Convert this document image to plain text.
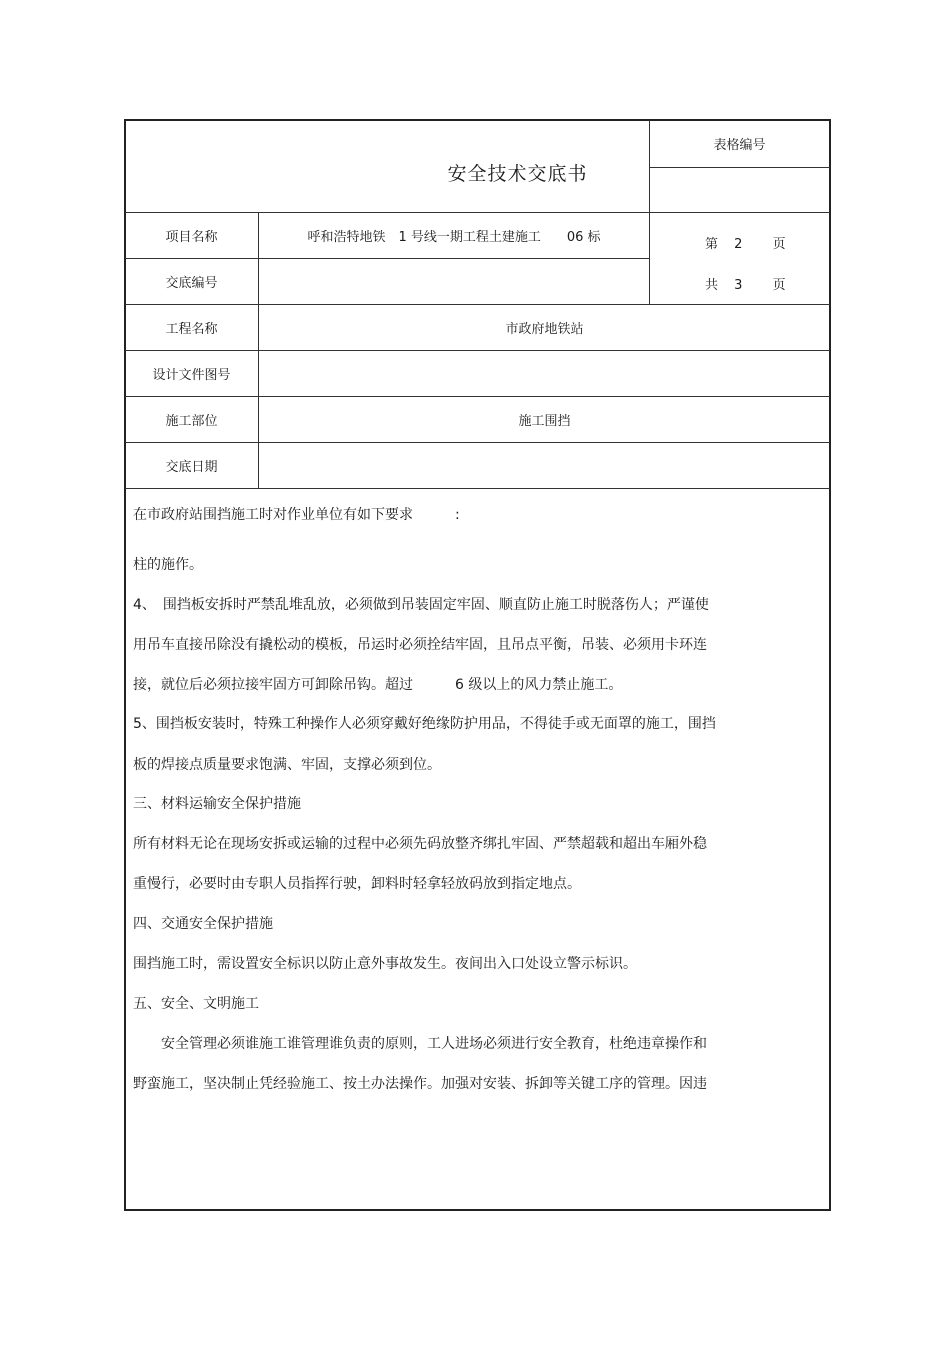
安全技术交底书
表格编号
项目名称	呼和浩特地铁　1 号线一期工程土建施工　　06 标
交底编号
第 2 页
共 3 页
工程名称	市政府地铁站
设计文件图号
施工部位	施工围挡
交底日期
在市政府站围挡施工时对作业单位有如下要求　　　:
柱的施作。
4、　围挡板安拆时严禁乱堆乱放，必须做到吊装固定牢固、顺直防止施工时脱落伤人；严谨使
用吊车直接吊除没有撬松动的模板，吊运时必须拴结牢固，且吊点平衡，吊装、必须用卡环连
接，就位后必须拉接牢固方可卸除吊钩。超过　　　6 级以上的风力禁止施工。
5、围挡板安装时，特殊工种操作人必须穿戴好绝缘防护用品，不得徒手或无面罩的施工，围挡
板的焊接点质量要求饱满、牢固，支撑必须到位。
三、材料运输安全保护措施
所有材料无论在现场安拆或运输的过程中必须先码放整齐绑扎牢固、严禁超载和超出车厢外稳
重慢行，必要时由专职人员指挥行驶，卸料时轻拿轻放码放到指定地点。
四、交通安全保护措施
围挡施工时，需设置安全标识以防止意外事故发生。夜间出入口处设立警示标识。
五、安全、文明施工
　　安全管理必须谁施工谁管理谁负责的原则，工人进场必须进行安全教育，杜绝违章操作和
野蛮施工，坚决制止凭经验施工、按土办法操作。加强对安装、拆卸等关键工序的管理。因违
